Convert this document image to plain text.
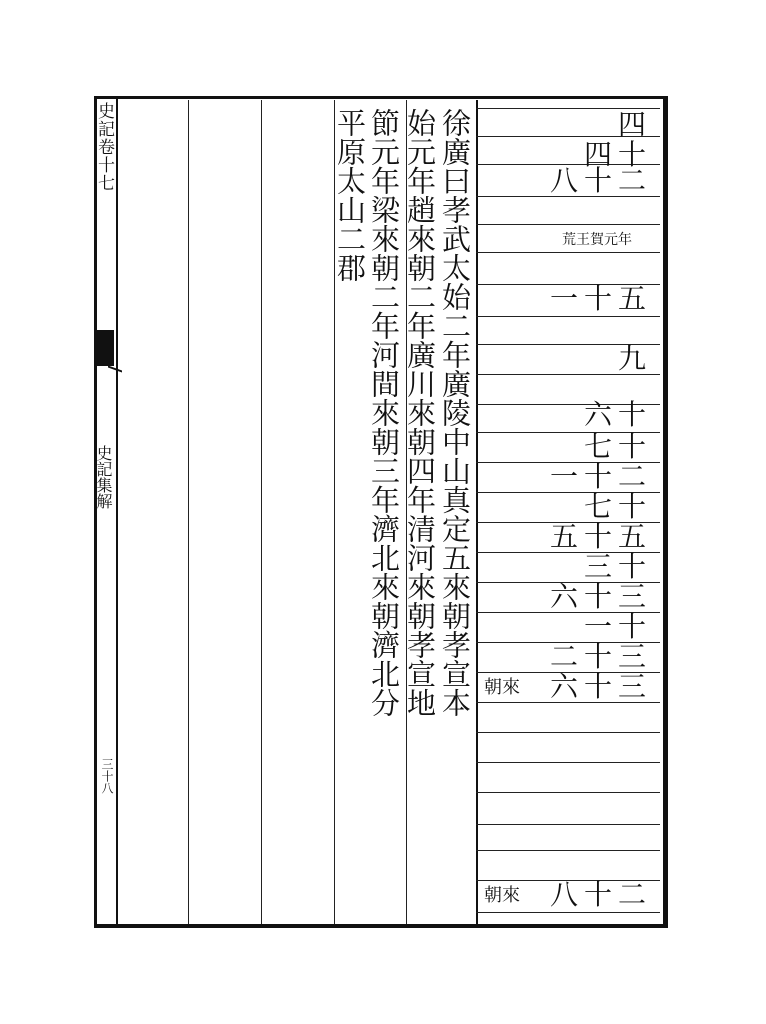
史記卷十七
史記集解
三十八
徐廣曰孝武太始二年廣陵中山真定五來朝孝宣本
始元年趙來朝二年廣川來朝四年清河來朝孝宣地
節元年梁來朝二年河間來朝三年濟北來朝濟北分
平原太山二郡	四
四十
八十二
荒王賀元年
一十五
九
六十
七十
一十二
七十
五十五
三十
六十三
一十
二十三
六十三
朝來
八十二
朝來
